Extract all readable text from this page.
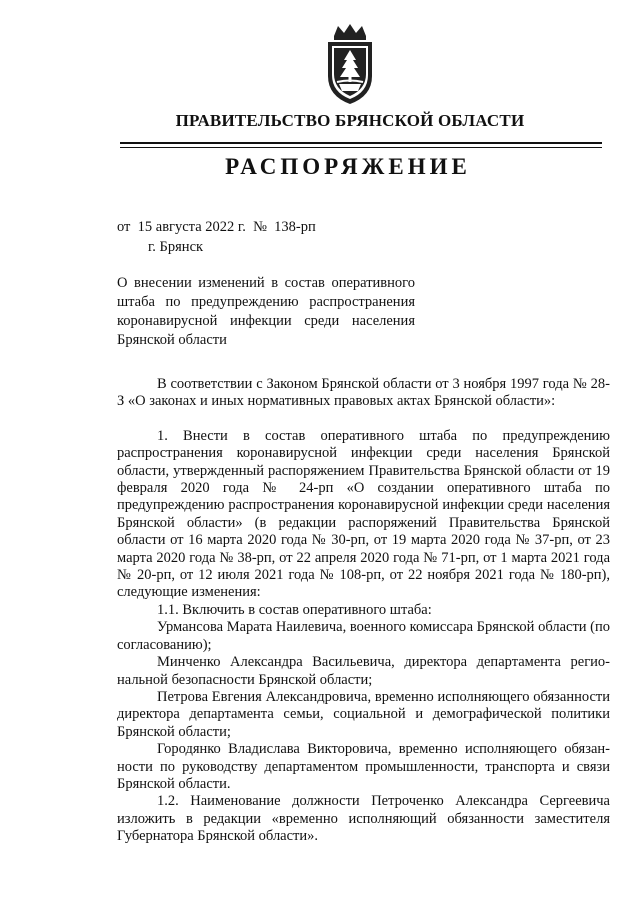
ПРАВИТЕЛЬСТВО БРЯНСКОЙ ОБЛАСТИ
РАСПОРЯЖЕНИЕ
от  15 августа 2022 г.  №  138-рп
г. Брянск
О внесении изменений в состав оперативного штаба по предупреждению распространения коронавирусной инфекции среди населения Брянской области

В соответствии с Законом Брянской области от 3 ноября 1997 года № 28-З «О законах и иных нормативных правовых актах Брянской области»:

1. Внести в состав оперативного штаба по предупреждению распространения коронавирусной инфекции среди населения Брянской области, утвержденный распоряжением Правительства Брянской области от 19 февраля 2020 года № 24-рп «О создании оперативного штаба по предупреждению распространения коронавирусной инфекции среди населения Брянской области» (в редакции распоряжений Правительства Брянской области от 16 марта 2020 года № 30-рп, от 19 марта 2020 года № 37-рп, от 23 марта 2020 года № 38-рп, от 22 апреля 2020 года № 71-рп, от 1 марта 2021 года № 20-рп, от 12 июля 2021 года № 108-рп, от 22 ноября 2021 года № 180-рп), следующие изменения:

1.1. Включить в состав оперативного штаба:

Урмансова Марата Наилевича, военного комиссара Брянской области (по согласованию);

Минченко Александра Васильевича, директора департамента региональной безопасности Брянской области;

Петрова Евгения Александровича, временно исполняющего обязанности директора департамента семьи, социальной и демографической политики Брянской области;

Городянко Владислава Викторовича, временно исполняющего обязанности по руководству департаментом промышленности, транспорта и связи Брянской области.

1.2. Наименование должности Петроченко Александра Сергеевича изложить в редакции «временно исполняющий обязанности заместителя Губернатора Брянской области».
